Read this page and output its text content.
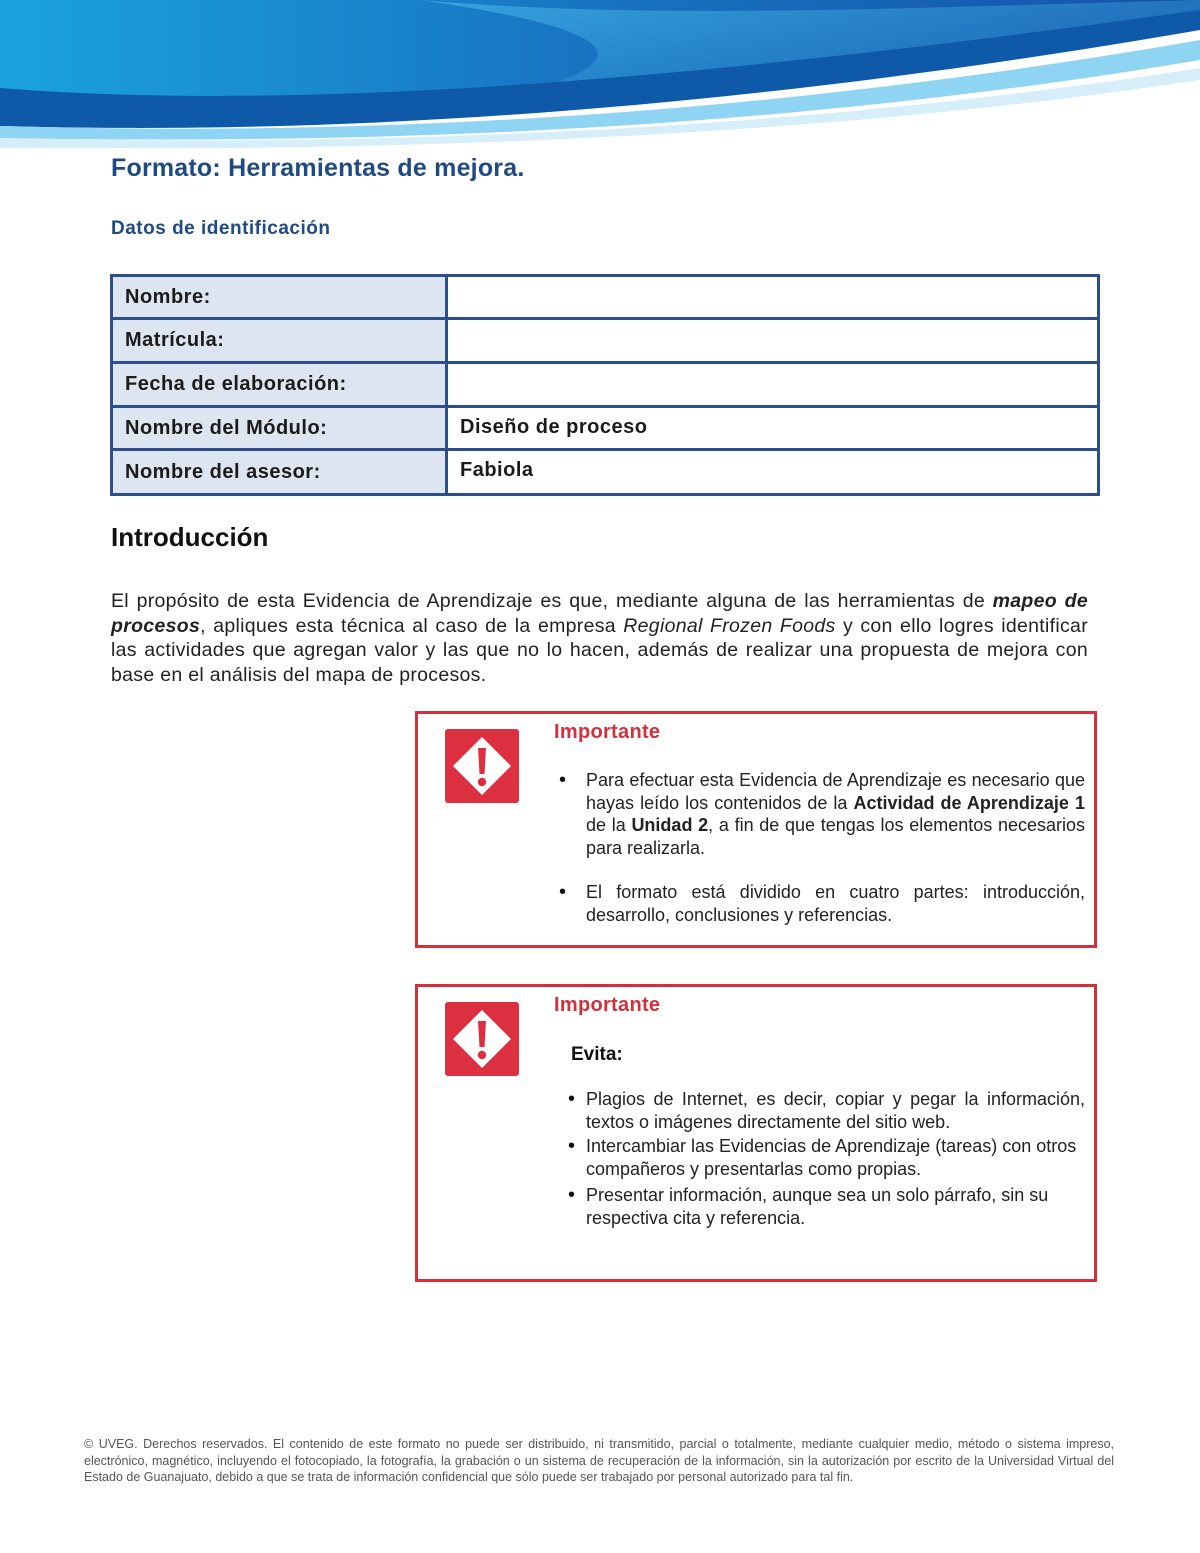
Formato: Herramientas de mejora.
Datos de identificación
Nombre:	
Matrícula:	
Fecha de elaboración:	
Nombre del Módulo:	Diseño de proceso
Nombre del asesor:	Fabiola
Introducción

El propósito de esta Evidencia de Aprendizaje es que, mediante alguna de las herramientas de mapeo de procesos, apliques esta técnica al caso de la empresa Regional Frozen Foods y con ello logres identificar las actividades que agregan valor y las que no lo hacen, además de realizar una propuesta de mejora con base en el análisis del mapa de procesos.

Importante
• Para efectuar esta Evidencia de Aprendizaje es necesario que hayas leído los contenidos de la Actividad de Aprendizaje 1 de la Unidad 2, a fin de que tengas los elementos necesarios para realizarla.
• El formato está dividido en cuatro partes: introducción, desarrollo, conclusiones y referencias.
Importante

Evita:

• Plagios de Internet, es decir, copiar y pegar la información, textos o imágenes directamente del sitio web.
• Intercambiar las Evidencias de Aprendizaje (tareas) con otros compañeros y presentarlas como propias.
• Presentar información, aunque sea un solo párrafo, sin su respectiva cita y referencia.

© UVEG. Derechos reservados. El contenido de este formato no puede ser distribuido, ni transmitido, parcial o totalmente, mediante cualquier medio, método o sistema impreso, electrónico, magnético, incluyendo el fotocopiado, la fotografía, la grabación o un sistema de recuperación de la información, sin la autorización por escrito de la Universidad Virtual del Estado de Guanajuato, debido a que se trata de información confidencial que sólo puede ser trabajado por personal autorizado para tal fin.
